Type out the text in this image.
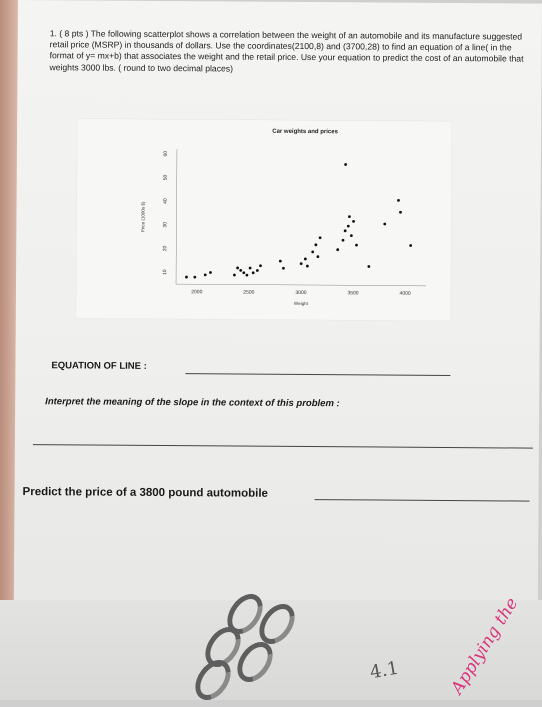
1. ( 8 pts ) The following scatterplot shows a correlation between the weight of an automobile and its manufacture suggested retail price (MSRP) in thousands of dollars. Use the coordinates(2100,8) and (3700,28) to find an equation of a line( in the format of y= mx+b) that associates the weight and the retail price. Use your equation to predict the cost of an automobile that weights 3000 lbs. ( round to two decimal places)
Car weights and prices
Price (1000s $)
Weight
2000	2500	3000	3500	4000
10
20
30
40
50
60
EQUATION OF LINE :
Interpret the meaning of the slope in the context of this problem :
Predict the price of a 3800 pound automobile
Applying the
4.1
